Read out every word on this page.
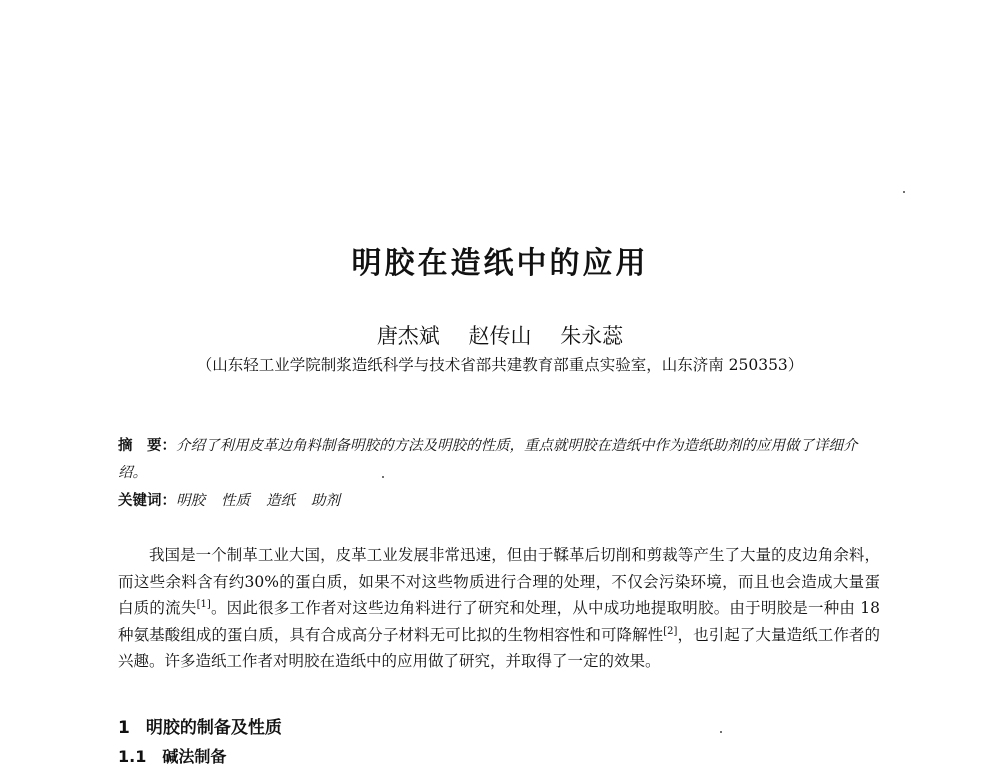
明胶在造纸中的应用
唐杰斌 赵传山 朱永蕊
（山东轻工业学院制浆造纸科学与技术省部共建教育部重点实验室，山东济南 250353）
摘　要：介绍了利用皮革边角料制备明胶的方法及明胶的性质，重点就明胶在造纸中作为造纸助剂的应用做了详细介绍。
关键词：明胶 性质 造纸 助剂
我国是一个制革工业大国，皮革工业发展非常迅速，但由于鞣革后切削和剪裁等产生了大量的皮边角余料，而这些余料含有约30%的蛋白质，如果不对这些物质进行合理的处理，不仅会污染环境，而且也会造成大量蛋白质的流失[1]。因此很多工作者对这些边角料进行了研究和处理，从中成功地提取明胶。由于明胶是一种由 18 种氨基酸组成的蛋白质，具有合成高分子材料无可比拟的生物相容性和可降解性[2]，也引起了大量造纸工作者的兴趣。许多造纸工作者对明胶在造纸中的应用做了研究，并取得了一定的效果。
1 明胶的制备及性质
1.1 碱法制备
